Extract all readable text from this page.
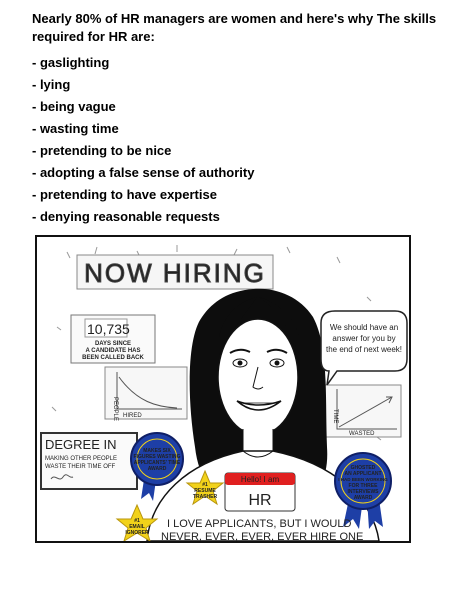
Nearly 80% of HR managers are women and here's why The skills required for HR are:
- gaslighting
- lying
- being vague
- wasting time
- pretending to be nice
- adopting a false sense of authority
- pretending to have expertise
- denying reasonable requests
NOW HIRING
10,735
DAYS SINCE
A CANDIDATE HAS
BEEN CALLED BACK
HIRED
PEOPLE
DEGREE IN
MAKING OTHER PEOPLE
WASTE THEIR TIME OFF
WASTED
TIME
We should have an
answer for you by
the end of next week!
Hello! I am
HR
MAKES SIX
FIGURES WASTING
APPLICANTS' TIME
AWARD
#1
RESUME
TRASHER
#1
EMAIL
IGNORER
GHOSTED
AN APPLICANT
I HAD BEEN WORKING
FOR THREE
INTERVIEWS
AWARD
I LOVE APPLICANTS, BUT I WOULD
NEVER, EVER, EVER, EVER HIRE ONE
